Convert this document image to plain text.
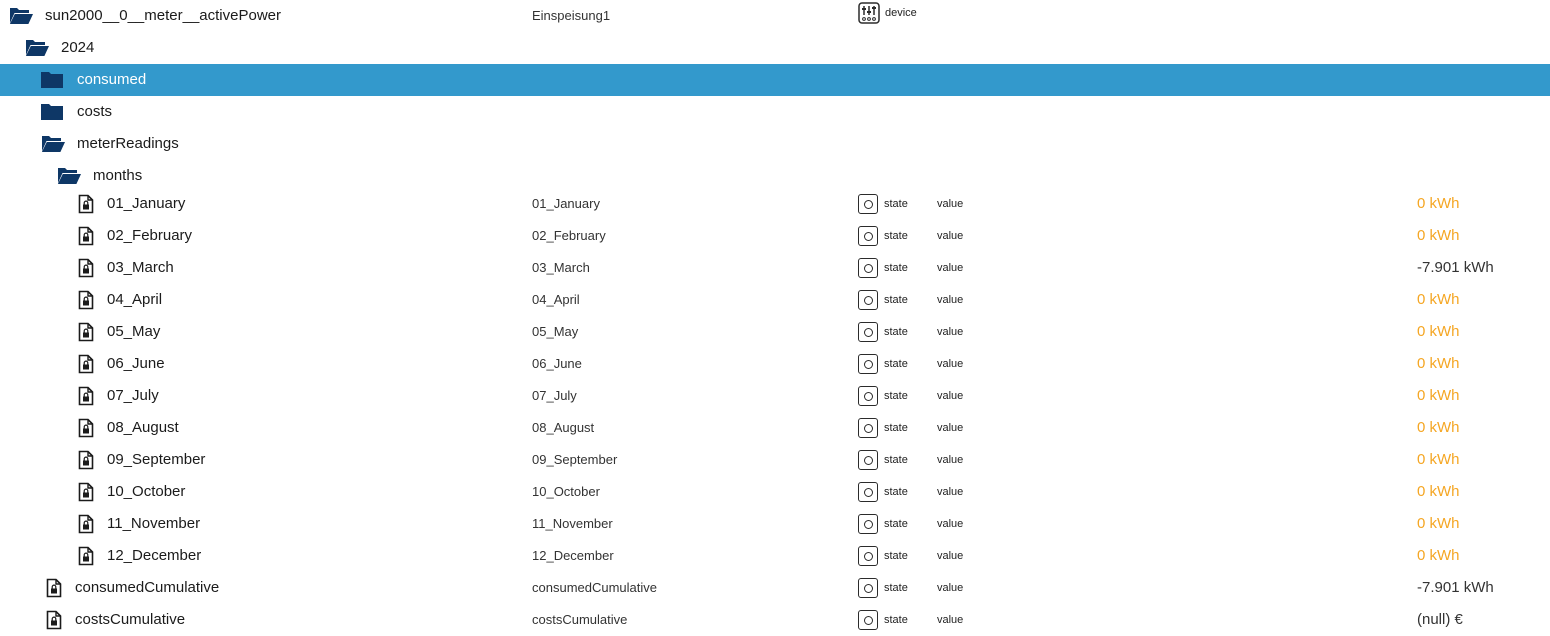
sun2000__0__meter__activePower	Einspeisung1	device
2024
consumed
costs
meterReadings
months
01_January	01_January	state	value	0 kWh
02_February	02_February	state	value	0 kWh
03_March	03_March	state	value	-7.901 kWh
04_April	04_April	state	value	0 kWh
05_May	05_May	state	value	0 kWh
06_June	06_June	state	value	0 kWh
07_July	07_July	state	value	0 kWh
08_August	08_August	state	value	0 kWh
09_September	09_September	state	value	0 kWh
10_October	10_October	state	value	0 kWh
11_November	11_November	state	value	0 kWh
12_December	12_December	state	value	0 kWh
consumedCumulative	consumedCumulative	state	value	-7.901 kWh
costsCumulative	costsCumulative	state	value	(null) €
